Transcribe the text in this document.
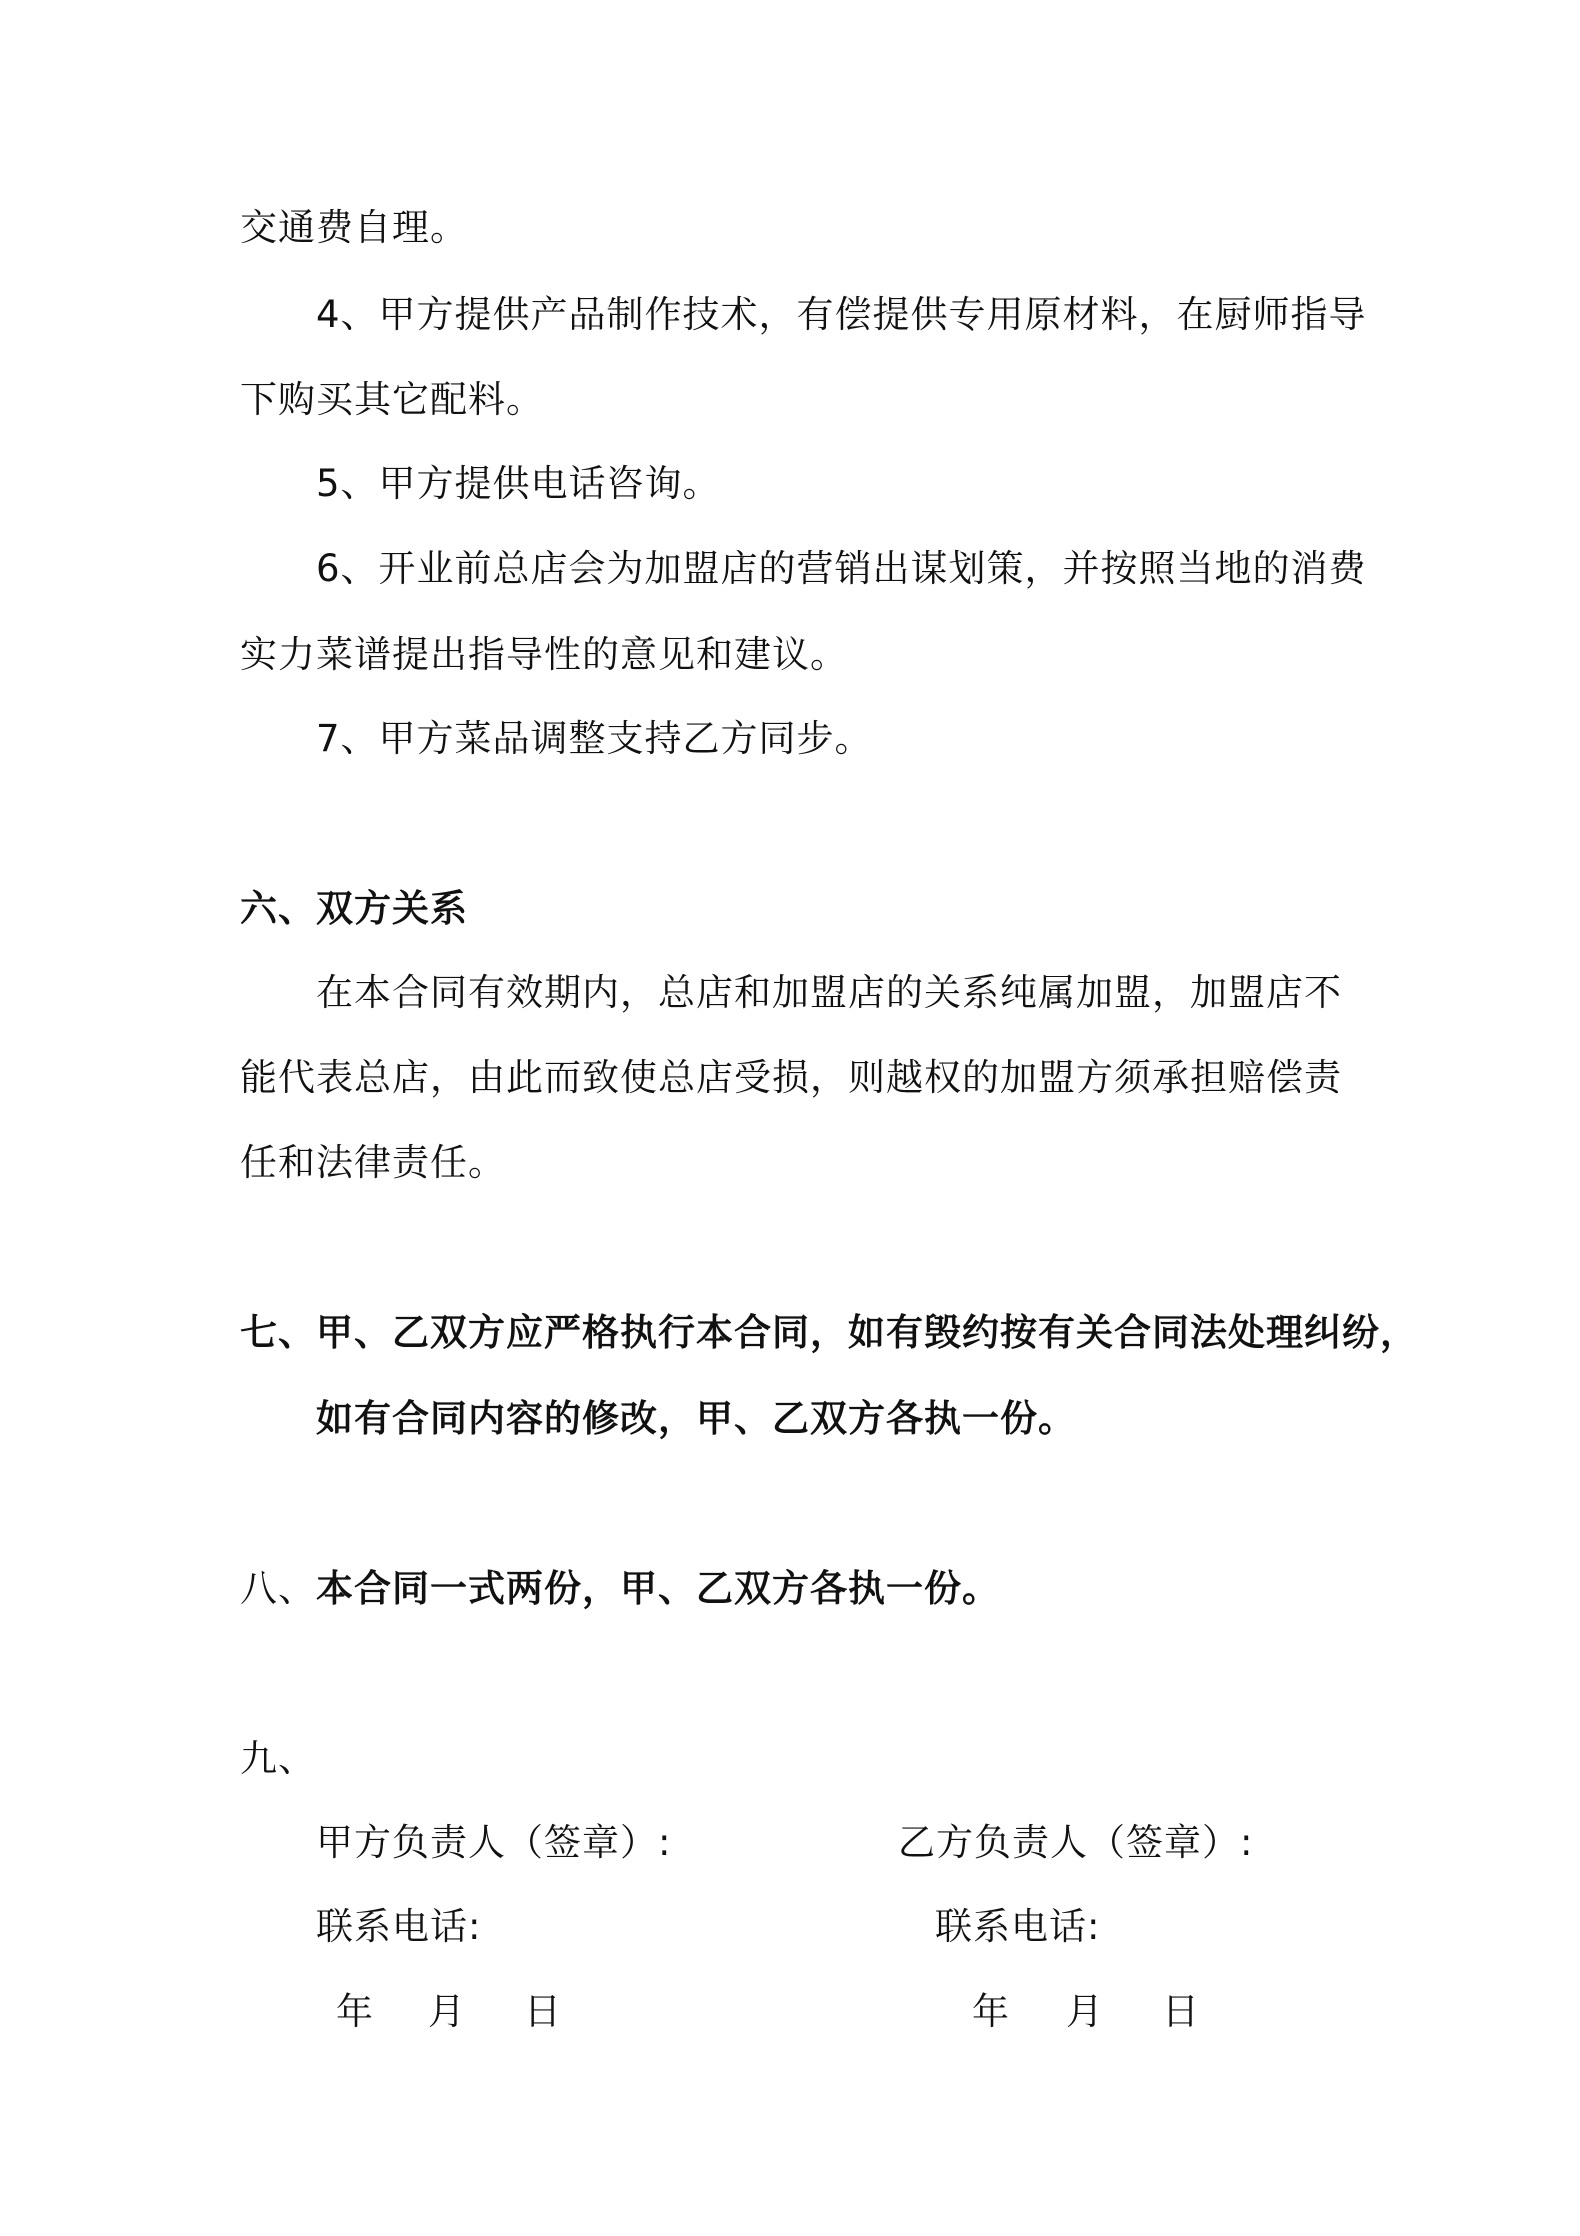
交通费自理。
4、甲方提供产品制作技术，有偿提供专用原材料，在厨师指导
下购买其它配料。
5、甲方提供电话咨询。
6、开业前总店会为加盟店的营销出谋划策，并按照当地的消费
实力菜谱提出指导性的意见和建议。
7、甲方菜品调整支持乙方同步。
六、双方关系
在本合同有效期内，总店和加盟店的关系纯属加盟，加盟店不
能代表总店，由此而致使总店受损，则越权的加盟方须承担赔偿责
任和法律责任。
七、甲、乙双方应严格执行本合同，如有毁约按有关合同法处理纠纷，
如有合同内容的修改，甲、乙双方各执一份。
八、本合同一式两份，甲、乙双方各执一份。
九、
甲方负责人（签章）:	乙方负责人（签章）:
联系电话:	联系电话:
年 月 日	年 月 日
